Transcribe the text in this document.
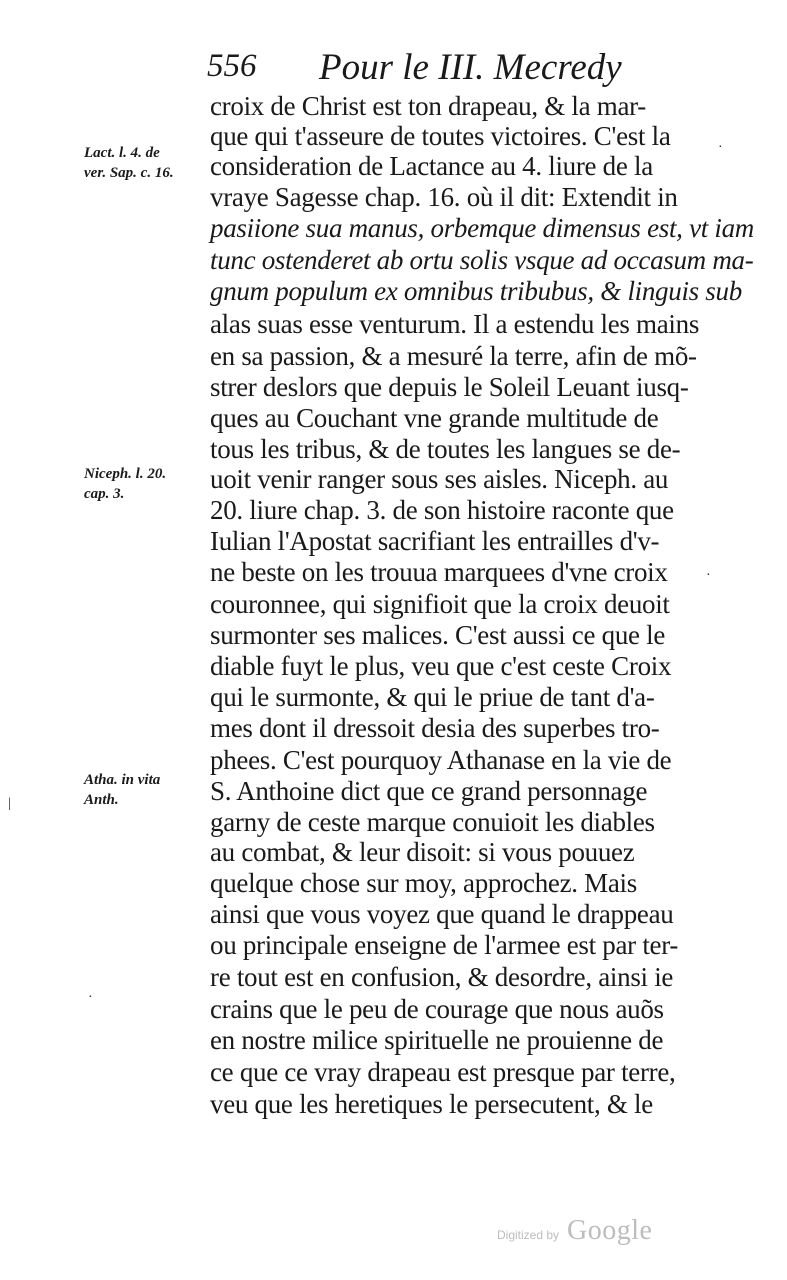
556 Pour le III. Mecredy
Lact. l. 4. de
ver. Sap. c. 16.
Niceph. l. 20.
cap. 3.
Atha. in vita
Anth.
croix de Christ est ton drapeau, & la mar-
que qui t'asseure de toutes victoires. C'est la
consideration de Lactance au 4. liure de la
vraye Sagesse chap. 16. où il dit: Extendit in
pasiione sua manus, orbemque dimensus est, vt iam
tunc ostenderet ab ortu solis vsque ad occasum ma-
gnum populum ex omnibus tribubus, & linguis sub
alas suas esse venturum. Il a estendu les mains
en sa passion, & a mesuré la terre, afin de mõ-
strer deslors que depuis le Soleil Leuant iusq-
ques au Couchant vne grande multitude de
tous les tribus, & de toutes les langues se de-
uoit venir ranger sous ses aisles. Niceph. au
20. liure chap. 3. de son histoire raconte que
Iulian l'Apostat sacrifiant les entrailles d'v-
ne beste on les trouua marquees d'vne croix
couronnee, qui signifioit que la croix deuoit
surmonter ses malices. C'est aussi ce que le
diable fuyt le plus, veu que c'est ceste Croix
qui le surmonte, & qui le priue de tant d'a-
mes dont il dressoit desia des superbes tro-
phees. C'est pourquoy Athanase en la vie de
S. Anthoine dict que ce grand personnage
garny de ceste marque conuioit les diables
au combat, & leur disoit: si vous pouuez
quelque chose sur moy, approchez. Mais
ainsi que vous voyez que quand le drappeau
ou principale enseigne de l'armee est par ter-
re tout est en confusion, & desordre, ainsi ie
crains que le peu de courage que nous auõs
en nostre milice spirituelle ne prouienne de
ce que ce vray drapeau est presque par terre,
veu que les heretiques le persecutent, & le
·
·
|
·
Digitized by Google
